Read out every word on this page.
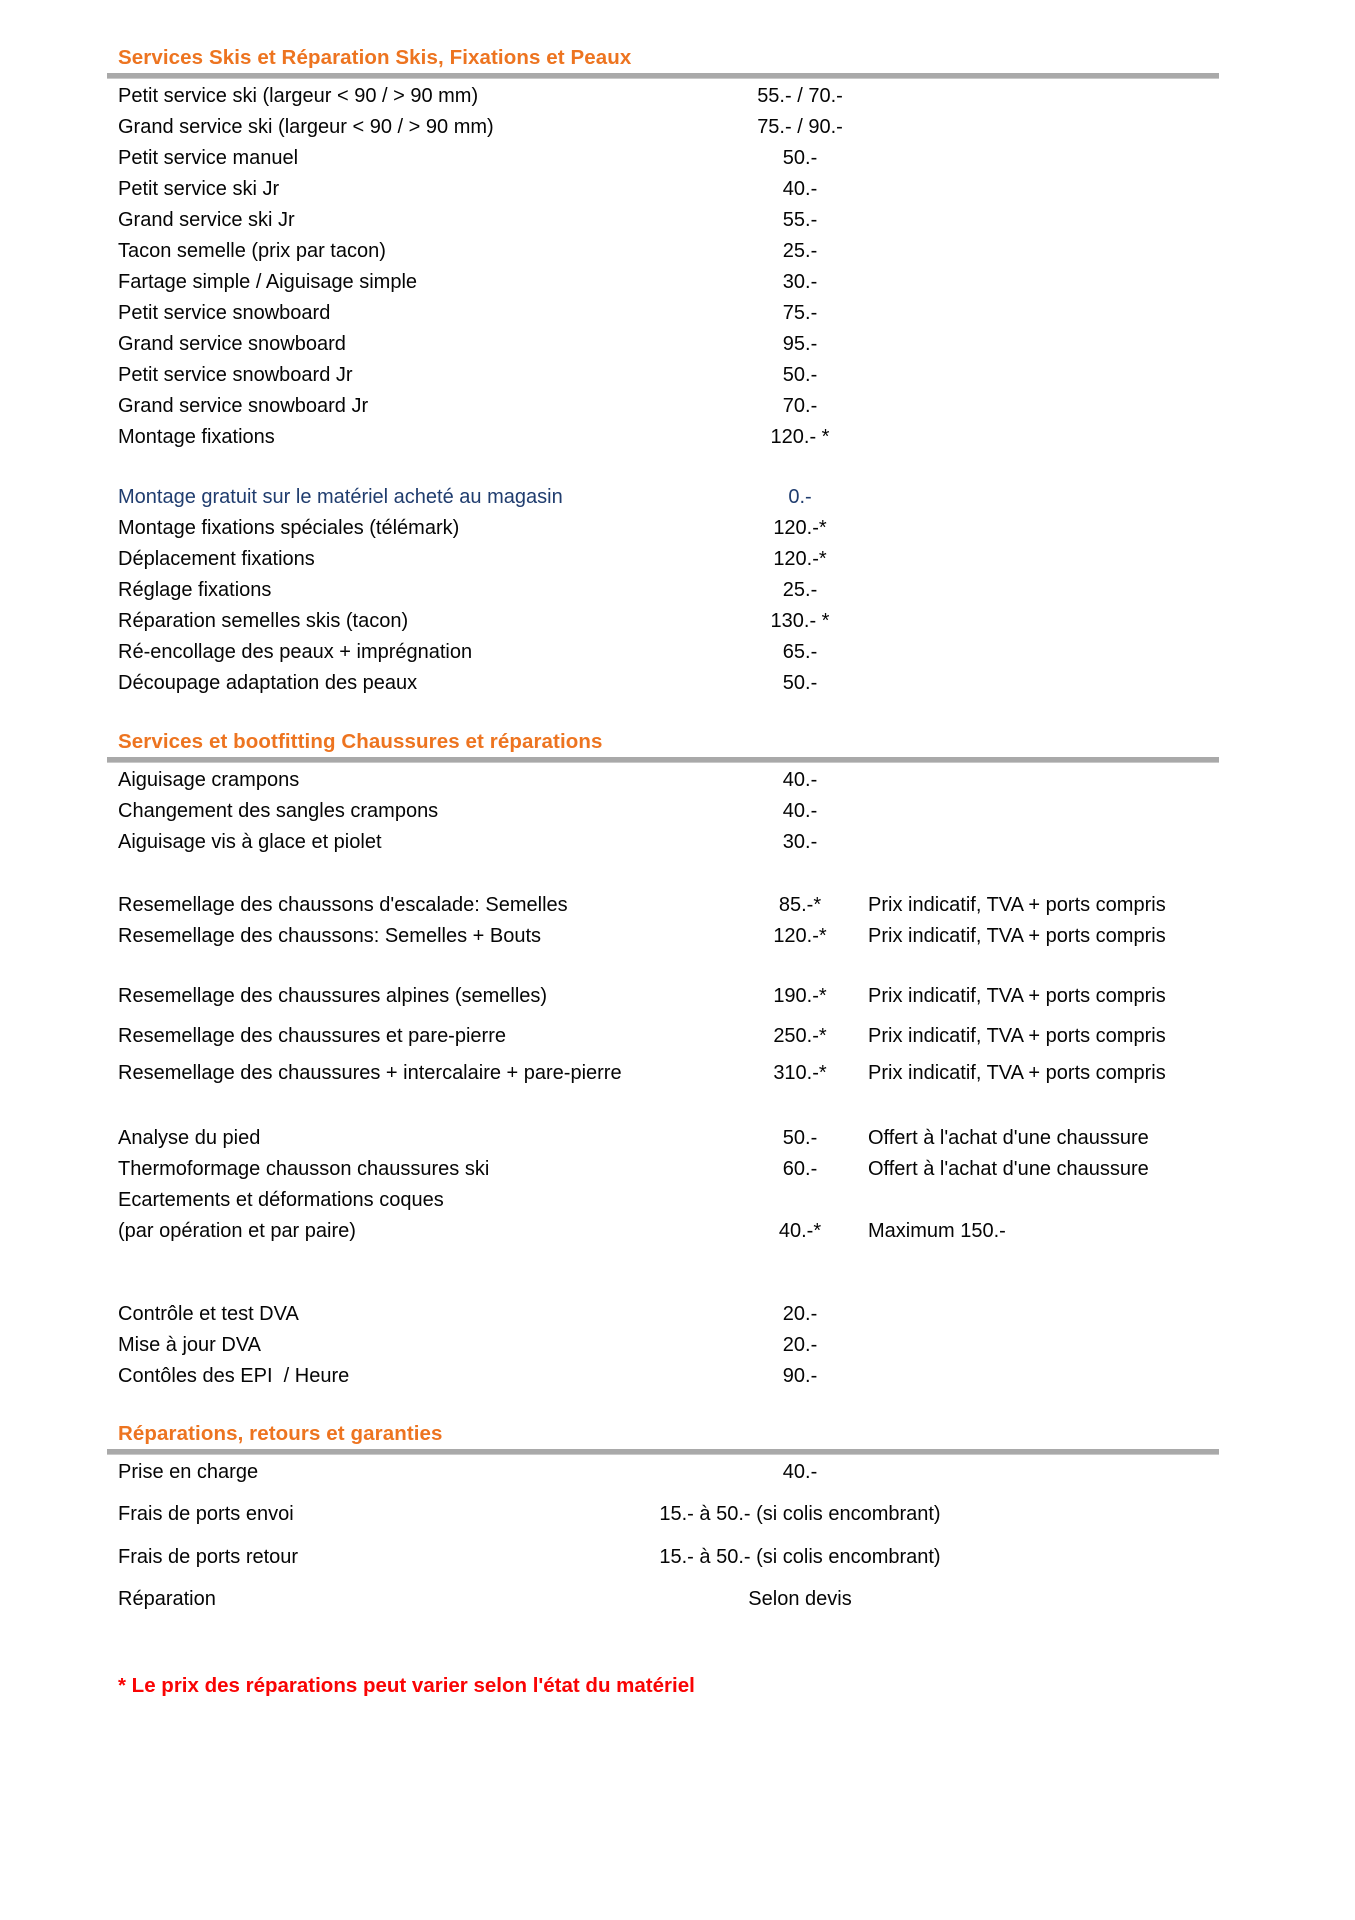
Services Skis et Réparation Skis, Fixations et Peaux
Petit service ski (largeur < 90 / > 90 mm)	55.- / 70.-
Grand service ski (largeur < 90 / > 90 mm)	75.- / 90.-
Petit service manuel	50.-
Petit service ski Jr	40.-
Grand service ski Jr	55.-
Tacon semelle (prix par tacon)	25.-
Fartage simple / Aiguisage simple	30.-
Petit service snowboard	75.-
Grand service snowboard	95.-
Petit service snowboard Jr	50.-
Grand service snowboard Jr	70.-
Montage fixations	120.- *
Montage gratuit sur le matériel acheté au magasin	0.-
Montage fixations spéciales (télémark)	120.-*
Déplacement fixations	120.-*
Réglage fixations	25.-
Réparation semelles skis (tacon)	130.- *
Ré-encollage des peaux + imprégnation	65.-
Découpage adaptation des peaux	50.-
Services et bootfitting Chaussures et réparations
Aiguisage crampons	40.-
Changement des sangles crampons	40.-
Aiguisage vis à glace et piolet	30.-
Resemellage des chaussons d'escalade: Semelles	85.-*	Prix indicatif, TVA + ports compris
Resemellage des chaussons: Semelles + Bouts	120.-*	Prix indicatif, TVA + ports compris
Resemellage des chaussures alpines (semelles)	190.-*	Prix indicatif, TVA + ports compris
Resemellage des chaussures et pare-pierre	250.-*	Prix indicatif, TVA + ports compris
Resemellage des chaussures + intercalaire + pare-pierre	310.-*	Prix indicatif, TVA + ports compris
Analyse du pied	50.-	Offert à l'achat d'une chaussure
Thermoformage chausson chaussures ski	60.-	Offert à l'achat d'une chaussure
Ecartements et déformations coques
(par opération et par paire)	40.-*	Maximum 150.-
Contrôle et test DVA	20.-
Mise à jour DVA	20.-
Contôles des EPI  / Heure	90.-
Réparations, retours et garanties
Prise en charge	40.-
Frais de ports envoi	15.- à 50.- (si colis encombrant)
Frais de ports retour	15.- à 50.- (si colis encombrant)
Réparation	Selon devis
* Le prix des réparations peut varier selon l'état du matériel
